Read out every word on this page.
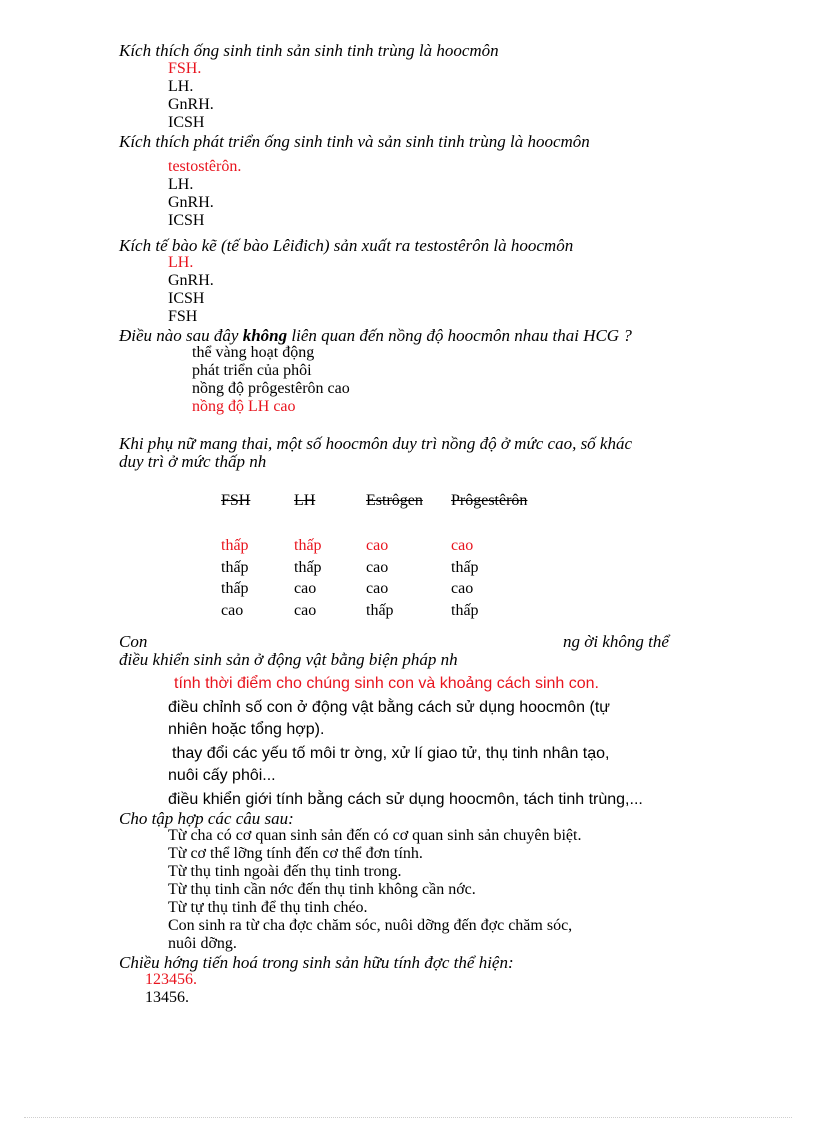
Kích thích ống sinh tinh sản sinh tinh trùng là hoocmôn
FSH.
LH.
GnRH.
ICSH
Kích thích phát triển ống sinh tinh và sản sinh tinh trùng là hoocmôn
testostêrôn.
LH.
GnRH.
ICSH
Kích tế bào kẽ (tế bào Lêiđich) sản xuất ra testostêrôn là hoocmôn
LH.
GnRH.
ICSH
FSH
Điều nào sau đây không liên quan đến nồng độ hoocmôn nhau thai HCG ?
thể vàng hoạt động
phát triển của phôi
nồng độ prôgestêrôn cao
nồng độ LH cao
Khi phụ nữ mang thai, một số hoocmôn duy trì nồng độ ở mức cao, số khác
duy trì ở mức thấp nh
FSH	LH	Estrôgen Prôgestêrôn
thấp	thấp	cao	cao
thấp	thấp	cao	thấp
thấp	cao	cao	cao
cao	cao	thấp	thấp
Con	ng ời không thể
điều khiển sinh sản ở động vật bằng biện pháp nh
tính thời điểm cho chúng sinh con và khoảng cách sinh con.
điều chỉnh số con ở động vật bằng cách sử dụng hoocmôn (tự
nhiên hoặc tổng hợp).
thay đổi các yếu tố môi tr ờng, xử lí giao tử, thụ tinh nhân tạo,
nuôi cấy phôi...
điều khiển giới tính bằng cách sử dụng hoocmôn, tách tinh trùng,...
Cho tập hợp các câu sau:
Từ cha có cơ quan sinh sản đến có cơ quan sinh sản chuyên biệt.
Từ cơ thể lỡng tính đến cơ thể đơn tính.
Từ thụ tinh ngoài đến thụ tinh trong.
Từ thụ tinh cần nớc đến thụ tinh không cần nớc.
Từ tự thụ tinh để thụ tinh chéo.
Con sinh ra từ cha đợc chăm sóc, nuôi dỡng đến đợc chăm sóc,
nuôi dỡng.
Chiều hớng tiến hoá trong sinh sản hữu tính đợc thể hiện:
123456.
13456.
